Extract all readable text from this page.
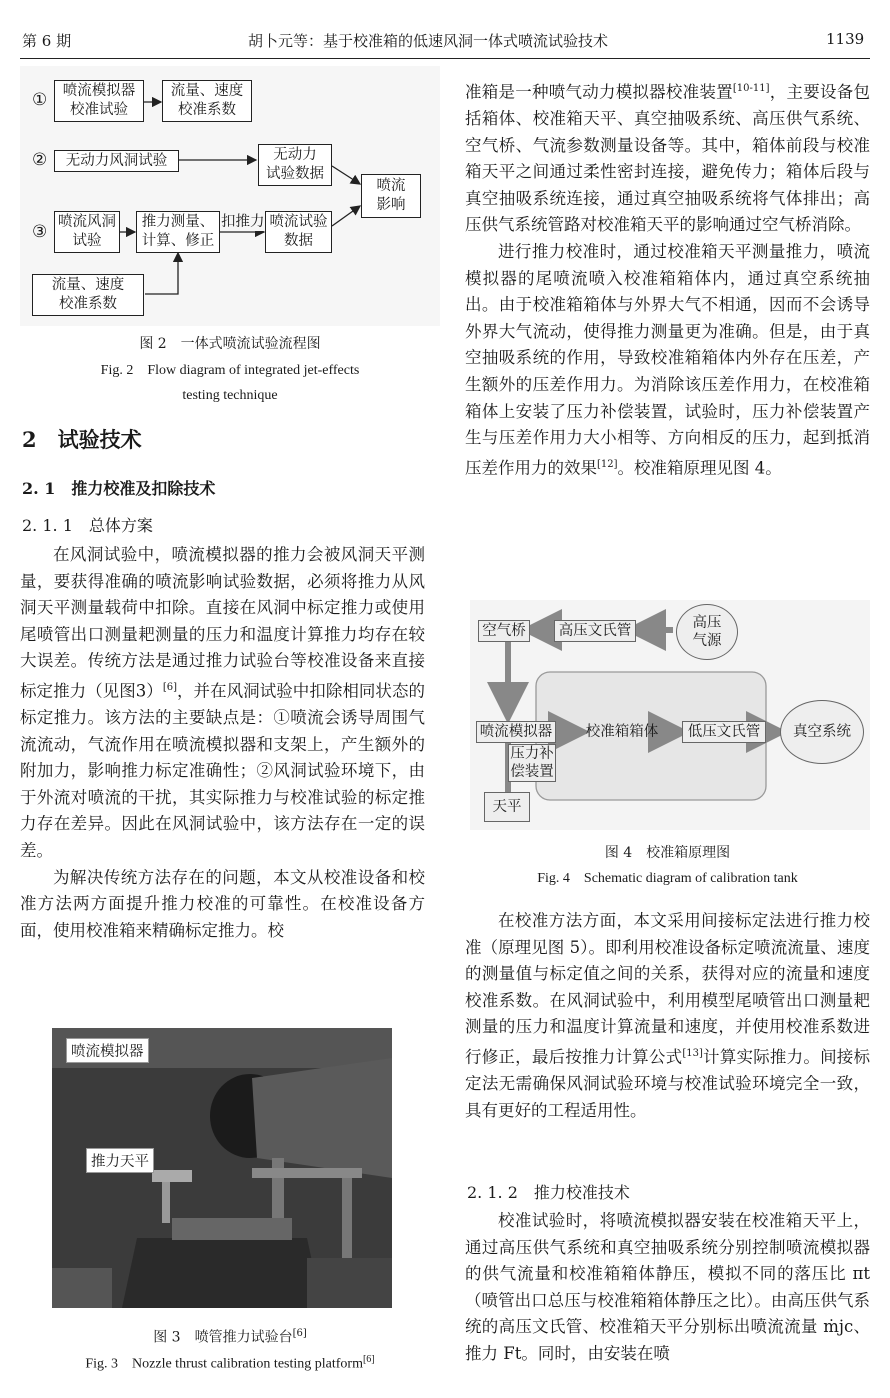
第 6 期	胡卜元等：基于校准箱的低速风洞一体式喷流试验技术	1139
①
②
③
喷流模拟器
校准试验
流量、速度
校准系数
无动力风洞试验	无动力
试验数据
喷流
影响
喷流风洞
试验
推力测量、
计算、修正
扣推力 喷流试验
数据
流量、速度
校准系数
图 2　一体式喷流试验流程图
Fig. 2　Flow diagram of integrated jet-effects
testing technique
2　试验技术
2. 1　推力校准及扣除技术
2. 1. 1　总体方案

在风洞试验中，喷流模拟器的推力会被风洞天平测量，要获得准确的喷流影响试验数据，必须将推力从风洞天平测量载荷中扣除。直接在风洞中标定推力或使用尾喷管出口测量耙测量的压力和温度计算推力均存在较大误差。传统方法是通过推力试验台等校准设备来直接标定推力（见图3）[6]，并在风洞试验中扣除相同状态的标定推力。该方法的主要缺点是：①喷流会诱导周围气流流动，气流作用在喷流模拟器和支架上，产生额外的附加力，影响推力标定准确性；②风洞试验环境下，由于外流对喷流的干扰，其实际推力与校准试验的标定推力存在差异。因此在风洞试验中，该方法存在一定的误差。

为解决传统方法存在的问题，本文从校准设备和校准方法两方面提升推力校准的可靠性。在校准设备方面，使用校准箱来精确标定推力。校

喷流模拟器
推力天平
图 3　喷管推力试验台[6]
Fig. 3　Nozzle thrust calibration testing platform[6]

准箱是一种喷气动力模拟器校准装置[10-11]，主要设备包括箱体、校准箱天平、真空抽吸系统、高压供气系统、空气桥、气流参数测量设备等。其中，箱体前段与校准箱天平之间通过柔性密封连接，避免传力；箱体后段与真空抽吸系统连接，通过真空抽吸系统将气体排出；高压供气系统管路对校准箱天平的影响通过空气桥消除。

进行推力校准时，通过校准箱天平测量推力，喷流模拟器的尾喷流喷入校准箱箱体内，通过真空系统抽出。由于校准箱箱体与外界大气不相通，因而不会诱导外界大气流动，使得推力测量更为准确。但是，由于真空抽吸系统的作用，导致校准箱箱体内外存在压差，产生额外的压差作用力。为消除该压差作用力，在校准箱箱体上安装了压力补偿装置，试验时，压力补偿装置产生与压差作用力大小相等、方向相反的压力，起到抵消压差作用力的效果[12]。校准箱原理见图 4。

空气桥	高压文氏管	高压
气源
喷流模拟器 校准箱箱体	低压文氏管	真空系统
压力补
偿装置
天平
图 4　校准箱原理图
Fig. 4　Schematic diagram of calibration tank

在校准方法方面，本文采用间接标定法进行推力校准（原理见图 5）。即利用校准设备标定喷流流量、速度的测量值与标定值之间的关系，获得对应的流量和速度校准系数。在风洞试验中，利用模型尾喷管出口测量耙测量的压力和温度计算流量和速度，并使用校准系数进行修正，最后按推力计算公式[13]计算实际推力。间接标定法无需确保风洞试验环境与校准试验环境完全一致，具有更好的工程适用性。

2. 1. 2　推力校准技术

校准试验时，将喷流模拟器安装在校准箱天平上，通过高压供气系统和真空抽吸系统分别控制喷流模拟器的供气流量和校准箱箱体静压，模拟不同的落压比 πt（喷管出口总压与校准箱箱体静压之比）。由高压供气系统的高压文氏管、校准箱天平分别标出喷流流量 ṁjc、推力 Ft。同时，由安装在喷
